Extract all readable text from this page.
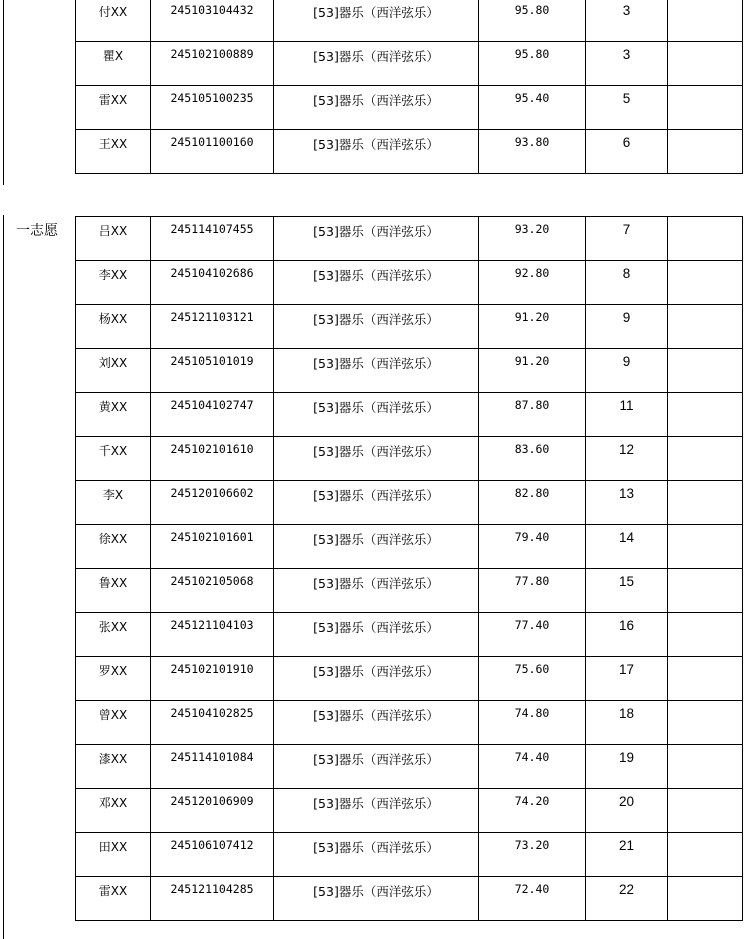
一志愿
付XX	245103104432	[53]器乐（西洋弦乐）	95.80	3	
瞿X	245102100889	[53]器乐（西洋弦乐）	95.80	3	
雷XX	245105100235	[53]器乐（西洋弦乐）	95.40	5	
王XX	245101100160	[53]器乐（西洋弦乐）	93.80	6	
吕XX	245114107455	[53]器乐（西洋弦乐）	93.20	7	
李XX	245104102686	[53]器乐（西洋弦乐）	92.80	8	
杨XX	245121103121	[53]器乐（西洋弦乐）	91.20	9	
刘XX	245105101019	[53]器乐（西洋弦乐）	91.20	9	
黄XX	245104102747	[53]器乐（西洋弦乐）	87.80	11	
千XX	245102101610	[53]器乐（西洋弦乐）	83.60	12	
李X	245120106602	[53]器乐（西洋弦乐）	82.80	13	
徐XX	245102101601	[53]器乐（西洋弦乐）	79.40	14	
鲁XX	245102105068	[53]器乐（西洋弦乐）	77.80	15	
张XX	245121104103	[53]器乐（西洋弦乐）	77.40	16	
罗XX	245102101910	[53]器乐（西洋弦乐）	75.60	17	
曾XX	245104102825	[53]器乐（西洋弦乐）	74.80	18	
漆XX	245114101084	[53]器乐（西洋弦乐）	74.40	19	
邓XX	245120106909	[53]器乐（西洋弦乐）	74.20	20	
田XX	245106107412	[53]器乐（西洋弦乐）	73.20	21	
雷XX	245121104285	[53]器乐（西洋弦乐）	72.40	22	
